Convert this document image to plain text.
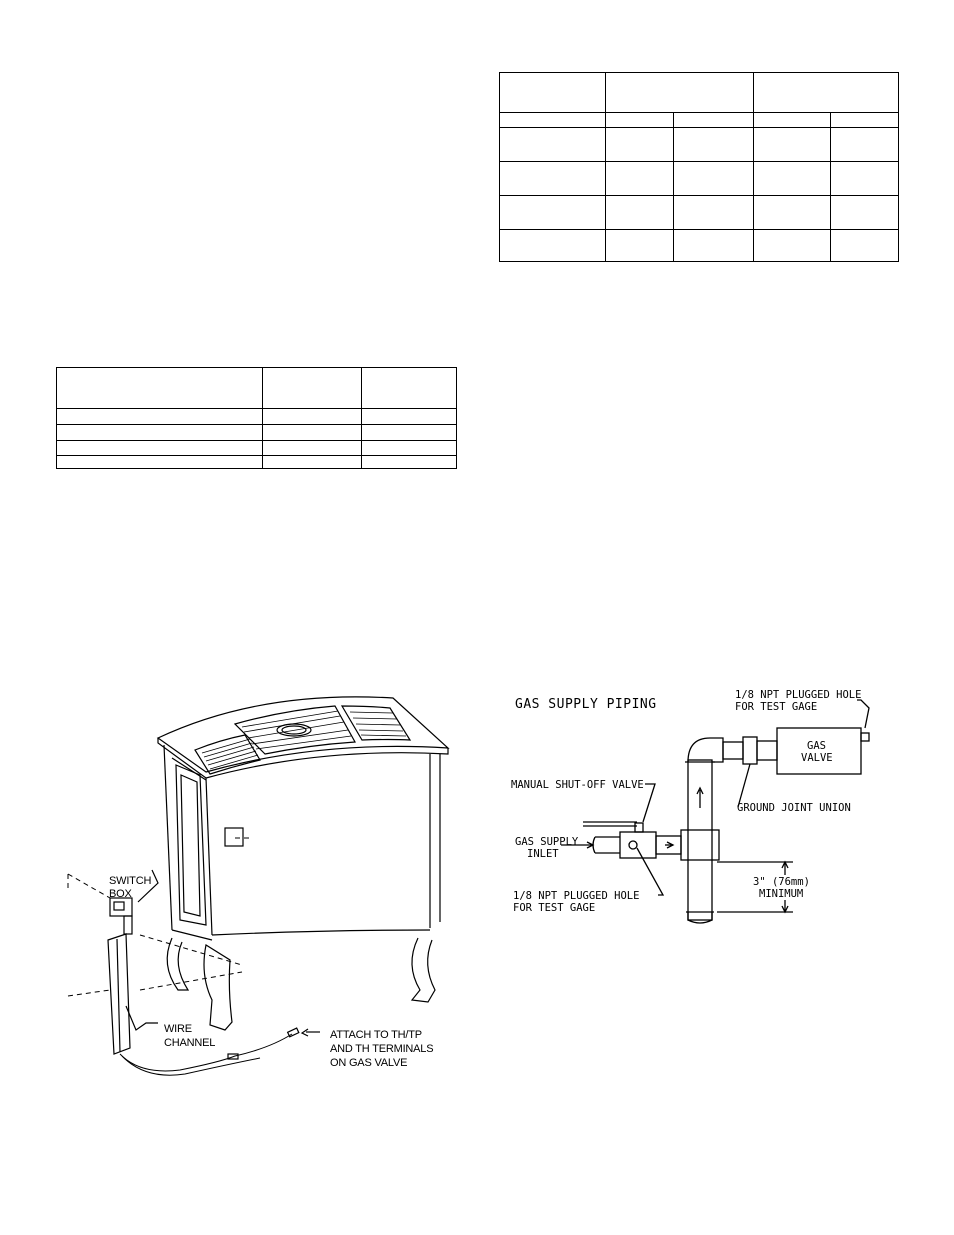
GAS SUPPLY PIPING
1/8 NPT PLUGGED HOLE
FOR TEST GAGE
GAS
VALVE
MANUAL SHUT-OFF VALVE
GROUND JOINT UNION
GAS SUPPLY
INLET
1/8 NPT PLUGGED HOLE
FOR TEST GAGE
3" (76mm)
MINIMUM
SWITCH
BOX
WIRE
CHANNEL
ATTACH TO TH/TP
AND TH TERMINALS
ON GAS VALVE
